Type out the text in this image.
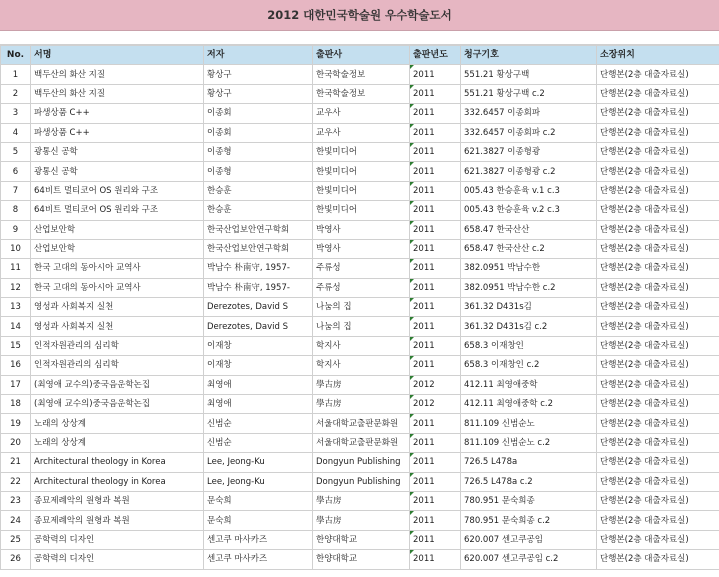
2012 대한민국학술원 우수학술도서
No.	서명	저자	출판사	출판년도	청구기호	소장위치
1	백두산의 화산 지질	황상구	한국학술정보	2011	551.21 황상구백	단행본(2층 대출자료실)
2	백두산의 화산 지질	황상구	한국학술정보	2011	551.21 황상구백 c.2	단행본(2층 대출자료실)
3	파생상품 C++	이종회	교우사	2011	332.6457 이종회파	단행본(2층 대출자료실)
4	파생상품 C++	이종회	교우사	2011	332.6457 이종회파 c.2	단행본(2층 대출자료실)
5	광통신 공학	이종형	한빛미디어	2011	621.3827 이종형광	단행본(2층 대출자료실)
6	광통신 공학	이종형	한빛미디어	2011	621.3827 이종형광 c.2	단행본(2층 대출자료실)
7	64비트 멀티코어 OS 원리와 구조	한승훈	한빛미디어	2011	005.43 한승훈육 v.1 c.3	단행본(2층 대출자료실)
8	64비트 멀티코어 OS 원리와 구조	한승훈	한빛미디어	2011	005.43 한승훈육 v.2 c.3	단행본(2층 대출자료실)
9	산업보안학	한국산업보안연구학회	박영사	2011	658.47 한국산산	단행본(2층 대출자료실)
10	산업보안학	한국산업보안연구학회	박영사	2011	658.47 한국산산 c.2	단행본(2층 대출자료실)
11	한국 고대의 동아시아 교역사	박남수 朴南守, 1957-	주류성	2011	382.0951 박남수한	단행본(2층 대출자료실)
12	한국 고대의 동아시아 교역사	박남수 朴南守, 1957-	주류성	2011	382.0951 박남수한 c.2	단행본(2층 대출자료실)
13	영성과 사회복지 실천	Derezotes, David S	나눔의 집	2011	361.32 D431s김	단행본(2층 대출자료실)
14	영성과 사회복지 실천	Derezotes, David S	나눔의 집	2011	361.32 D431s김 c.2	단행본(2층 대출자료실)
15	인적자원관리의 심리학	이재창	학지사	2011	658.3 이재창인	단행본(2층 대출자료실)
16	인적자원관리의 심리학	이재창	학지사	2011	658.3 이재창인 c.2	단행본(2층 대출자료실)
17	(최영애 교수의)중국음운학논집	최영애	學古房	2012	412.11 최영애중학	단행본(2층 대출자료실)
18	(최영애 교수의)중국음운학논집	최영애	學古房	2012	412.11 최영애중학 c.2	단행본(2층 대출자료실)
19	노래의 상상계	신범순	서울대학교출판문화원	2011	811.109 신범순노	단행본(2층 대출자료실)
20	노래의 상상계	신범순	서울대학교출판문화원	2011	811.109 신범순노 c.2	단행본(2층 대출자료실)
21	Architectural theology in Korea	Lee, Jeong-Ku	Dongyun Publishing	2011	726.5 L478a	단행본(2층 대출자료실)
22	Architectural theology in Korea	Lee, Jeong-Ku	Dongyun Publishing	2011	726.5 L478a c.2	단행본(2층 대출자료실)
23	종묘제례악의 원형과 복원	문숙희	學古房	2011	780.951 문숙희종	단행본(2층 대출자료실)
24	종묘제례악의 원형과 복원	문숙희	學古房	2011	780.951 문숙희종 c.2	단행본(2층 대출자료실)
25	공학력의 디자인	센고쿠 마사카즈	한양대학교	2011	620.007 센고쿠공임	단행본(2층 대출자료실)
26	공학력의 디자인	센고쿠 마사카즈	한양대학교	2011	620.007 센고쿠공임 c.2	단행본(2층 대출자료실)
